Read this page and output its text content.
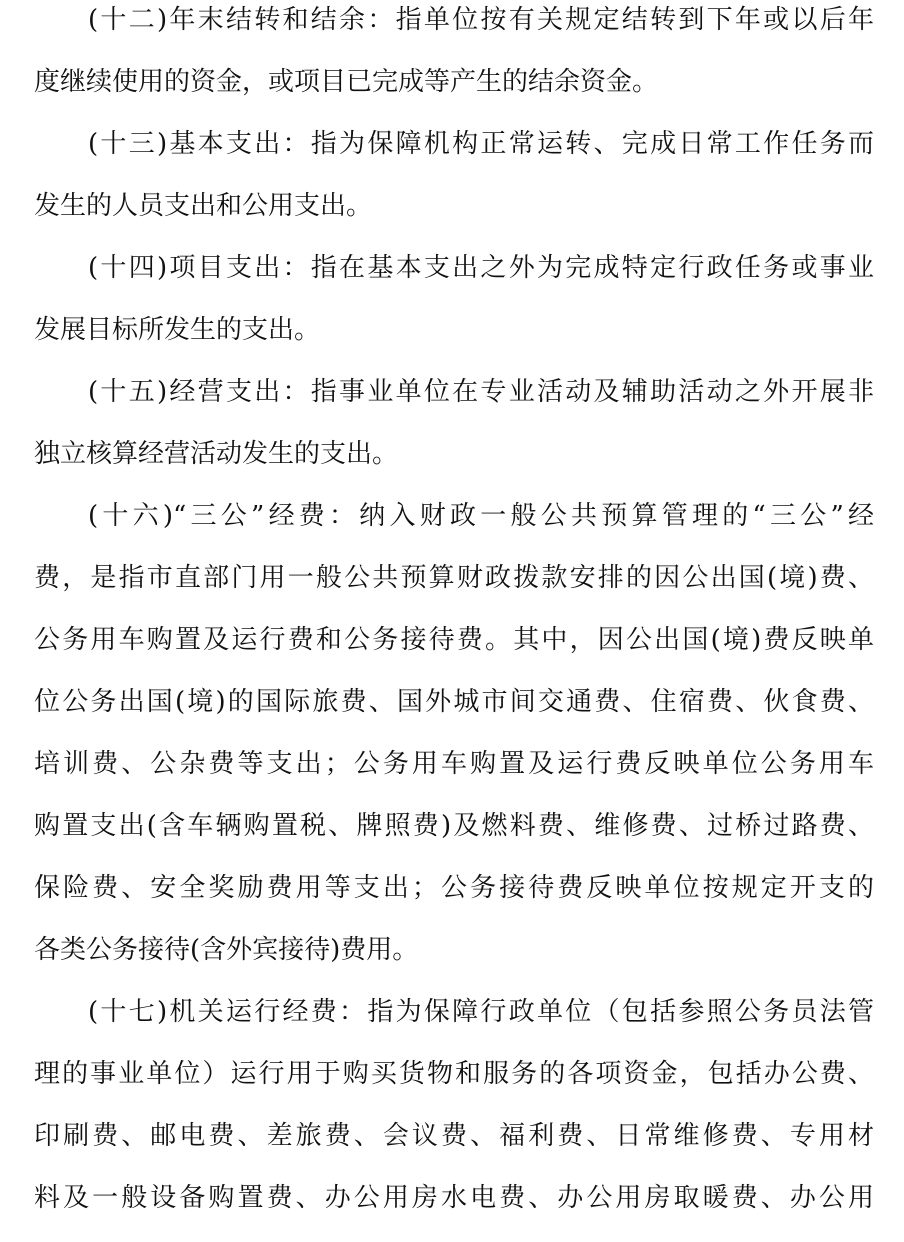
(十二)年末结转和结余：指单位按有关规定结转到下年或以后年
度继续使用的资金，或项目已完成等产生的结余资金。
(十三)基本支出：指为保障机构正常运转、完成日常工作任务而
发生的人员支出和公用支出。
(十四)项目支出：指在基本支出之外为完成特定行政任务或事业
发展目标所发生的支出。
(十五)经营支出：指事业单位在专业活动及辅助活动之外开展非
独立核算经营活动发生的支出。
(十六)“三公”经费：纳入财政一般公共预算管理的“三公”经
费，是指市直部门用一般公共预算财政拨款安排的因公出国(境)费、
公务用车购置及运行费和公务接待费。其中，因公出国(境)费反映单
位公务出国(境)的国际旅费、国外城市间交通费、住宿费、伙食费、
培训费、公杂费等支出；公务用车购置及运行费反映单位公务用车
购置支出(含车辆购置税、牌照费)及燃料费、维修费、过桥过路费、
保险费、安全奖励费用等支出；公务接待费反映单位按规定开支的
各类公务接待(含外宾接待)费用。
(十七)机关运行经费：指为保障行政单位（包括参照公务员法管
理的事业单位）运行用于购买货物和服务的各项资金，包括办公费、
印刷费、邮电费、差旅费、会议费、福利费、日常维修费、专用材
料及一般设备购置费、办公用房水电费、办公用房取暖费、办公用
